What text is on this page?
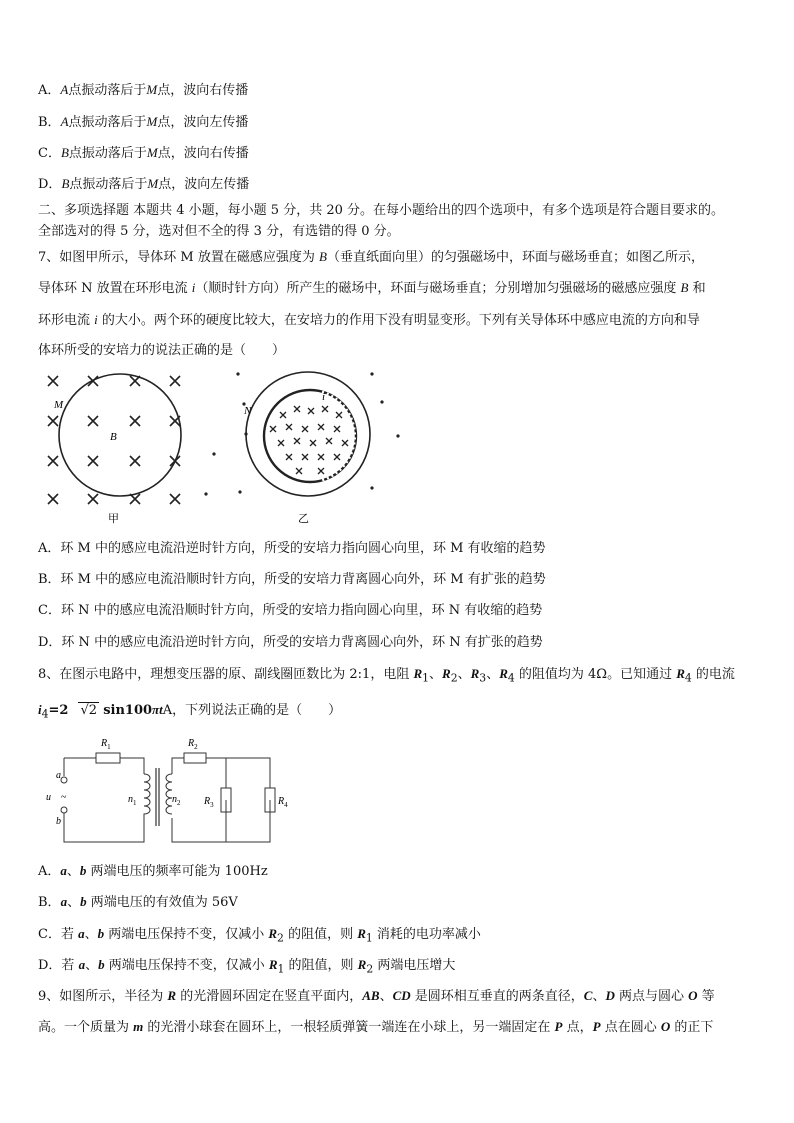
A．A点振动落后于M点，波向右传播
B．A点振动落后于M点，波向左传播
C．B点振动落后于M点，波向右传播
D．B点振动落后于M点，波向左传播
二、多项选择题 本题共 4 小题，每小题 5 分，共 20 分。在每小题给出的四个选项中，有多个选项是符合题目要求的。
全部选对的得 5 分，选对但不全的得 3 分，有选错的得 0 分。
7、如图甲所示，导体环 M 放置在磁感应强度为 B（垂直纸面向里）的匀强磁场中，环面与磁场垂直；如图乙所示，
导体环 N 放置在环形电流 i（顺时针方向）所产生的磁场中，环面与磁场垂直；分别增加匀强磁场的磁感应强度 B 和
环形电流 i 的大小。两个环的硬度比较大，在安培力的作用下没有明显变形。下列有关导体环中感应电流的方向和导
体环所受的安培力的说法正确的是（　　）
M
B
甲
N
i
乙
A．环 M 中的感应电流沿逆时针方向，所受的安培力指向圆心向里，环 M 有收缩的趋势
B．环 M 中的感应电流沿顺时针方向，所受的安培力背离圆心向外，环 M 有扩张的趋势
C．环 N 中的感应电流沿顺时针方向，所受的安培力指向圆心向里，环 N 有收缩的趋势
D．环 N 中的感应电流沿逆时针方向，所受的安培力背离圆心向外，环 N 有扩张的趋势
8、在图示电路中，理想变压器的原、副线圈匝数比为 2:1，电阻 $R_1$、$R_2$、$R_3$、$R_4$ 的阻值均为 4Ω。已知通过 $R_4$ 的电流
$i_4=2$ √2 sin100πtA，下列说法正确的是（　　）
$R_1$	$R_2$
$R_3$	$R_4$
a
b
u ~	$n_1$	$n_2$
A．a、b 两端电压的频率可能为 100Hz
B．a、b 两端电压的有效值为 56V
C．若 a、b 两端电压保持不变，仅减小 $R_2$ 的阻值，则 $R_1$ 消耗的电功率减小
D．若 a、b 两端电压保持不变，仅减小 $R_1$ 的阻值，则 $R_2$ 两端电压增大
9、如图所示，半径为 R 的光滑圆环固定在竖直平面内，AB、CD 是圆环相互垂直的两条直径，C、D 两点与圆心 O 等
高。一个质量为 m 的光滑小球套在圆环上，一根轻质弹簧一端连在小球上，另一端固定在 P 点，P 点在圆心 O 的正下
